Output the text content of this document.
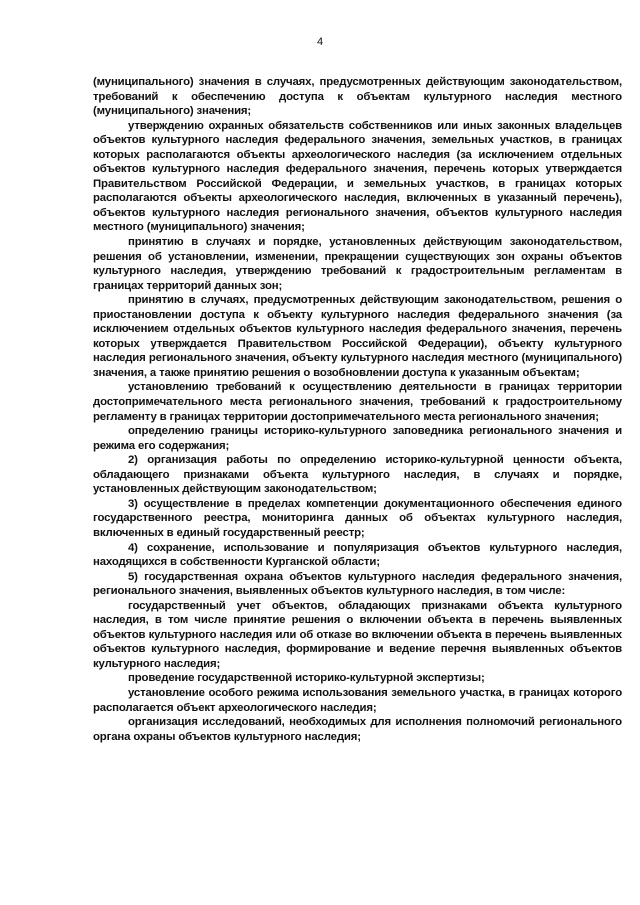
4

(муниципального) значения в случаях, предусмотренных действующим законодательством, требований к обеспечению доступа к объектам культурного наследия местного (муниципального) значения;

утверждению охранных обязательств собственников или иных законных владельцев объектов культурного наследия федерального значения, земельных участков, в границах которых располагаются объекты археологического наследия (за исключением отдельных объектов культурного наследия федерального значения, перечень которых утверждается Правительством Российской Федерации, и земельных участков, в границах которых располагаются объекты археологического наследия, включенных в указанный перечень), объектов культурного наследия регионального значения, объектов культурного наследия местного (муниципального) значения;

принятию в случаях и порядке, установленных действующим законодательством, решения об установлении, изменении, прекращении существующих зон охраны объектов культурного наследия, утверждению требований к градостроительным регламентам в границах территорий данных зон;

принятию в случаях, предусмотренных действующим законодательством, решения о приостановлении доступа к объекту культурного наследия федерального значения (за исключением отдельных объектов культурного наследия федерального значения, перечень которых утверждается Правительством Российской Федерации), объекту культурного наследия регионального значения, объекту культурного наследия местного (муниципального) значения, а также принятию решения о возобновлении доступа к указанным объектам;

установлению требований к осуществлению деятельности в границах территории достопримечательного места регионального значения, требований к градостроительному регламенту в границах территории достопримечательного места регионального значения;

определению границы историко-культурного заповедника регионального значения и режима его содержания;

2) организация работы по определению историко-культурной ценности объекта, обладающего признаками объекта культурного наследия, в случаях и порядке, установленных действующим законодательством;

3) осуществление в пределах компетенции документационного обеспечения единого государственного реестра, мониторинга данных об объектах культурного наследия, включенных в единый государственный реестр;

4) сохранение, использование и популяризация объектов культурного наследия, находящихся в собственности Курганской области;

5) государственная охрана объектов культурного наследия федерального значения, регионального значения, выявленных объектов культурного наследия, в том числе:

государственный учет объектов, обладающих признаками объекта культурного наследия, в том числе принятие решения о включении объекта в перечень выявленных объектов культурного наследия или об отказе во включении объекта в перечень выявленных объектов культурного наследия, формирование и ведение перечня выявленных объектов культурного наследия;

проведение государственной историко-культурной экспертизы;

установление особого режима использования земельного участка, в границах которого располагается объект археологического наследия;

организация исследований, необходимых для исполнения полномочий регионального органа охраны объектов культурного наследия;
